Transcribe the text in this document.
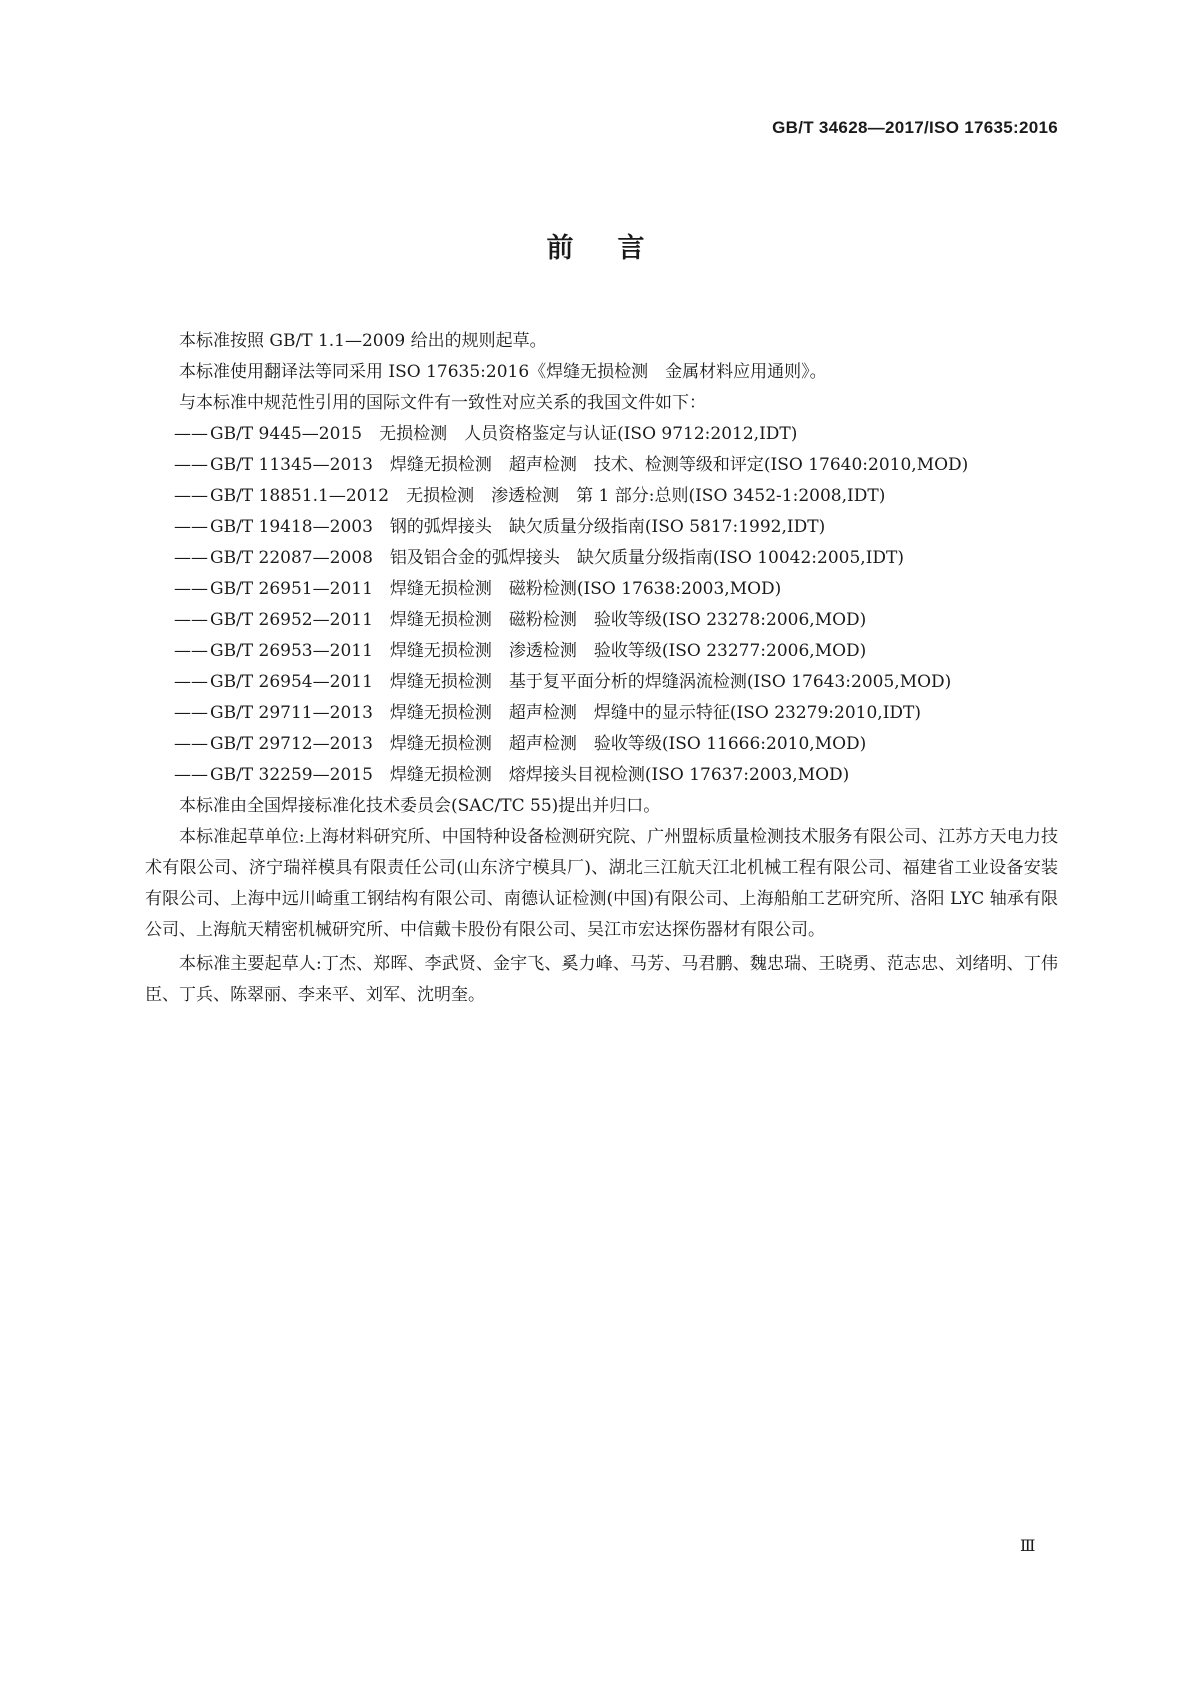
GB/T 34628—2017/ISO 17635:2016
前言

本标准按照 GB/T 1.1—2009 给出的规则起草。

本标准使用翻译法等同采用 ISO 17635:2016《焊缝无损检测　金属材料应用通则》。

与本标准中规范性引用的国际文件有一致性对应关系的我国文件如下：

—— GB/T 9445—2015　无损检测　人员资格鉴定与认证(ISO 9712:2012,IDT)
—— GB/T 11345—2013　焊缝无损检测　超声检测　技术、检测等级和评定(ISO 17640:2010,MOD)
—— GB/T 18851.1—2012　无损检测　渗透检测　第 1 部分:总则(ISO 3452-1:2008,IDT)
—— GB/T 19418—2003　钢的弧焊接头　缺欠质量分级指南(ISO 5817:1992,IDT)
—— GB/T 22087—2008　铝及铝合金的弧焊接头　缺欠质量分级指南(ISO 10042:2005,IDT)
—— GB/T 26951—2011　焊缝无损检测　磁粉检测(ISO 17638:2003,MOD)
—— GB/T 26952—2011　焊缝无损检测　磁粉检测　验收等级(ISO 23278:2006,MOD)
—— GB/T 26953—2011　焊缝无损检测　渗透检测　验收等级(ISO 23277:2006,MOD)
—— GB/T 26954—2011　焊缝无损检测　基于复平面分析的焊缝涡流检测(ISO 17643:2005,MOD)
—— GB/T 29711—2013　焊缝无损检测　超声检测　焊缝中的显示特征(ISO 23279:2010,IDT)
—— GB/T 29712—2013　焊缝无损检测　超声检测　验收等级(ISO 11666:2010,MOD)
—— GB/T 32259—2015　焊缝无损检测　熔焊接头目视检测(ISO 17637:2003,MOD)

本标准由全国焊接标准化技术委员会(SAC/TC 55)提出并归口。

本标准起草单位:上海材料研究所、中国特种设备检测研究院、广州盟标质量检测技术服务有限公司、江苏方天电力技术有限公司、济宁瑞祥模具有限责任公司(山东济宁模具厂)、湖北三江航天江北机械工程有限公司、福建省工业设备安装有限公司、上海中远川崎重工钢结构有限公司、南德认证检测(中国)有限公司、上海船舶工艺研究所、洛阳 LYC 轴承有限公司、上海航天精密机械研究所、中信戴卡股份有限公司、吴江市宏达探伤器材有限公司。

本标准主要起草人:丁杰、郑晖、李武贤、金宇飞、奚力峰、马芳、马君鹏、魏忠瑞、王晓勇、范志忠、刘绪明、丁伟臣、丁兵、陈翠丽、李来平、刘军、沈明奎。

Ⅲ
